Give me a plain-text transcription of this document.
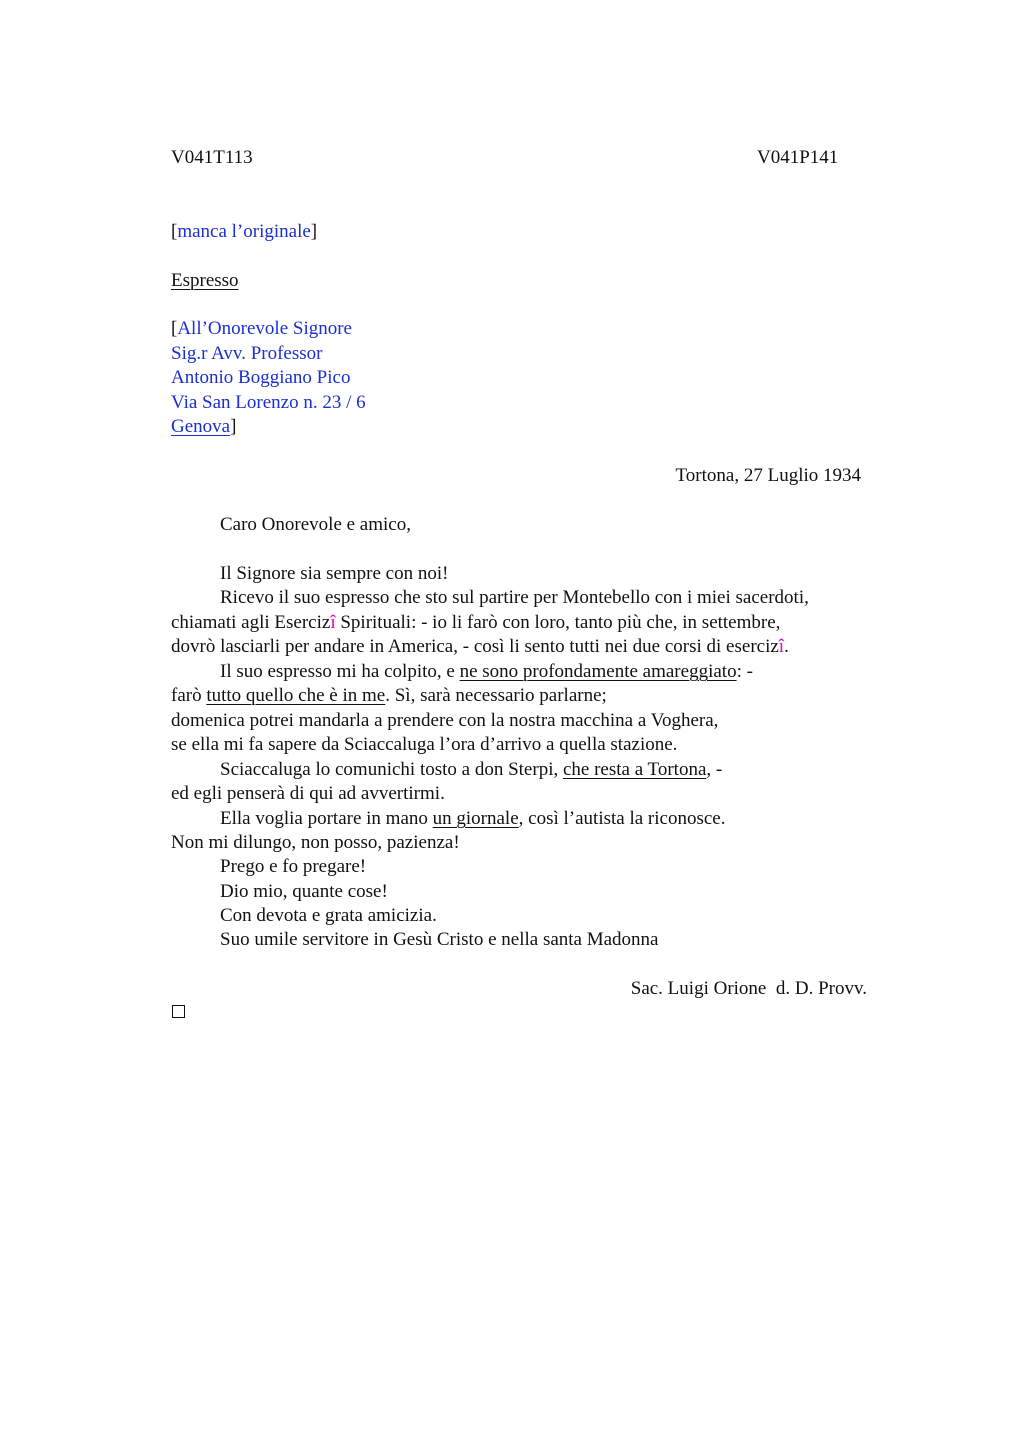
V041T113	V041P141
[manca l’originale]
Espresso
[All’Onorevole Signore
Sig.r Avv. Professor
Antonio Boggiano Pico
Via San Lorenzo n. 23 / 6
Genova]
Tortona, 27 Luglio 1934
Caro Onorevole e amico,
Il Signore sia sempre con noi!
Ricevo il suo espresso che sto sul partire per Montebello con i miei sacerdoti,
chiamati agli Esercizî Spirituali: - io li farò con loro, tanto più che, in settembre,
dovrò lasciarli per andare in America, - così li sento tutti nei due corsi di esercizî.
Il suo espresso mi ha colpito, e ne sono profondamente amareggiato: -
farò tutto quello che è in me. Sì, sarà necessario parlarne;
domenica potrei mandarla a prendere con la nostra macchina a Voghera,
se ella mi fa sapere da Sciaccaluga l’ora d’arrivo a quella stazione.
Sciaccaluga lo comunichi tosto a don Sterpi, che resta a Tortona, -
ed egli penserà di qui ad avvertirmi.
Ella voglia portare in mano un giornale, così l’autista la riconosce.
Non mi dilungo, non posso, pazienza!
Prego e fo pregare!
Dio mio, quante cose!
Con devota e grata amicizia.
Suo umile servitore in Gesù Cristo e nella santa Madonna
Sac. Luigi Orione  d. D. Provv.
